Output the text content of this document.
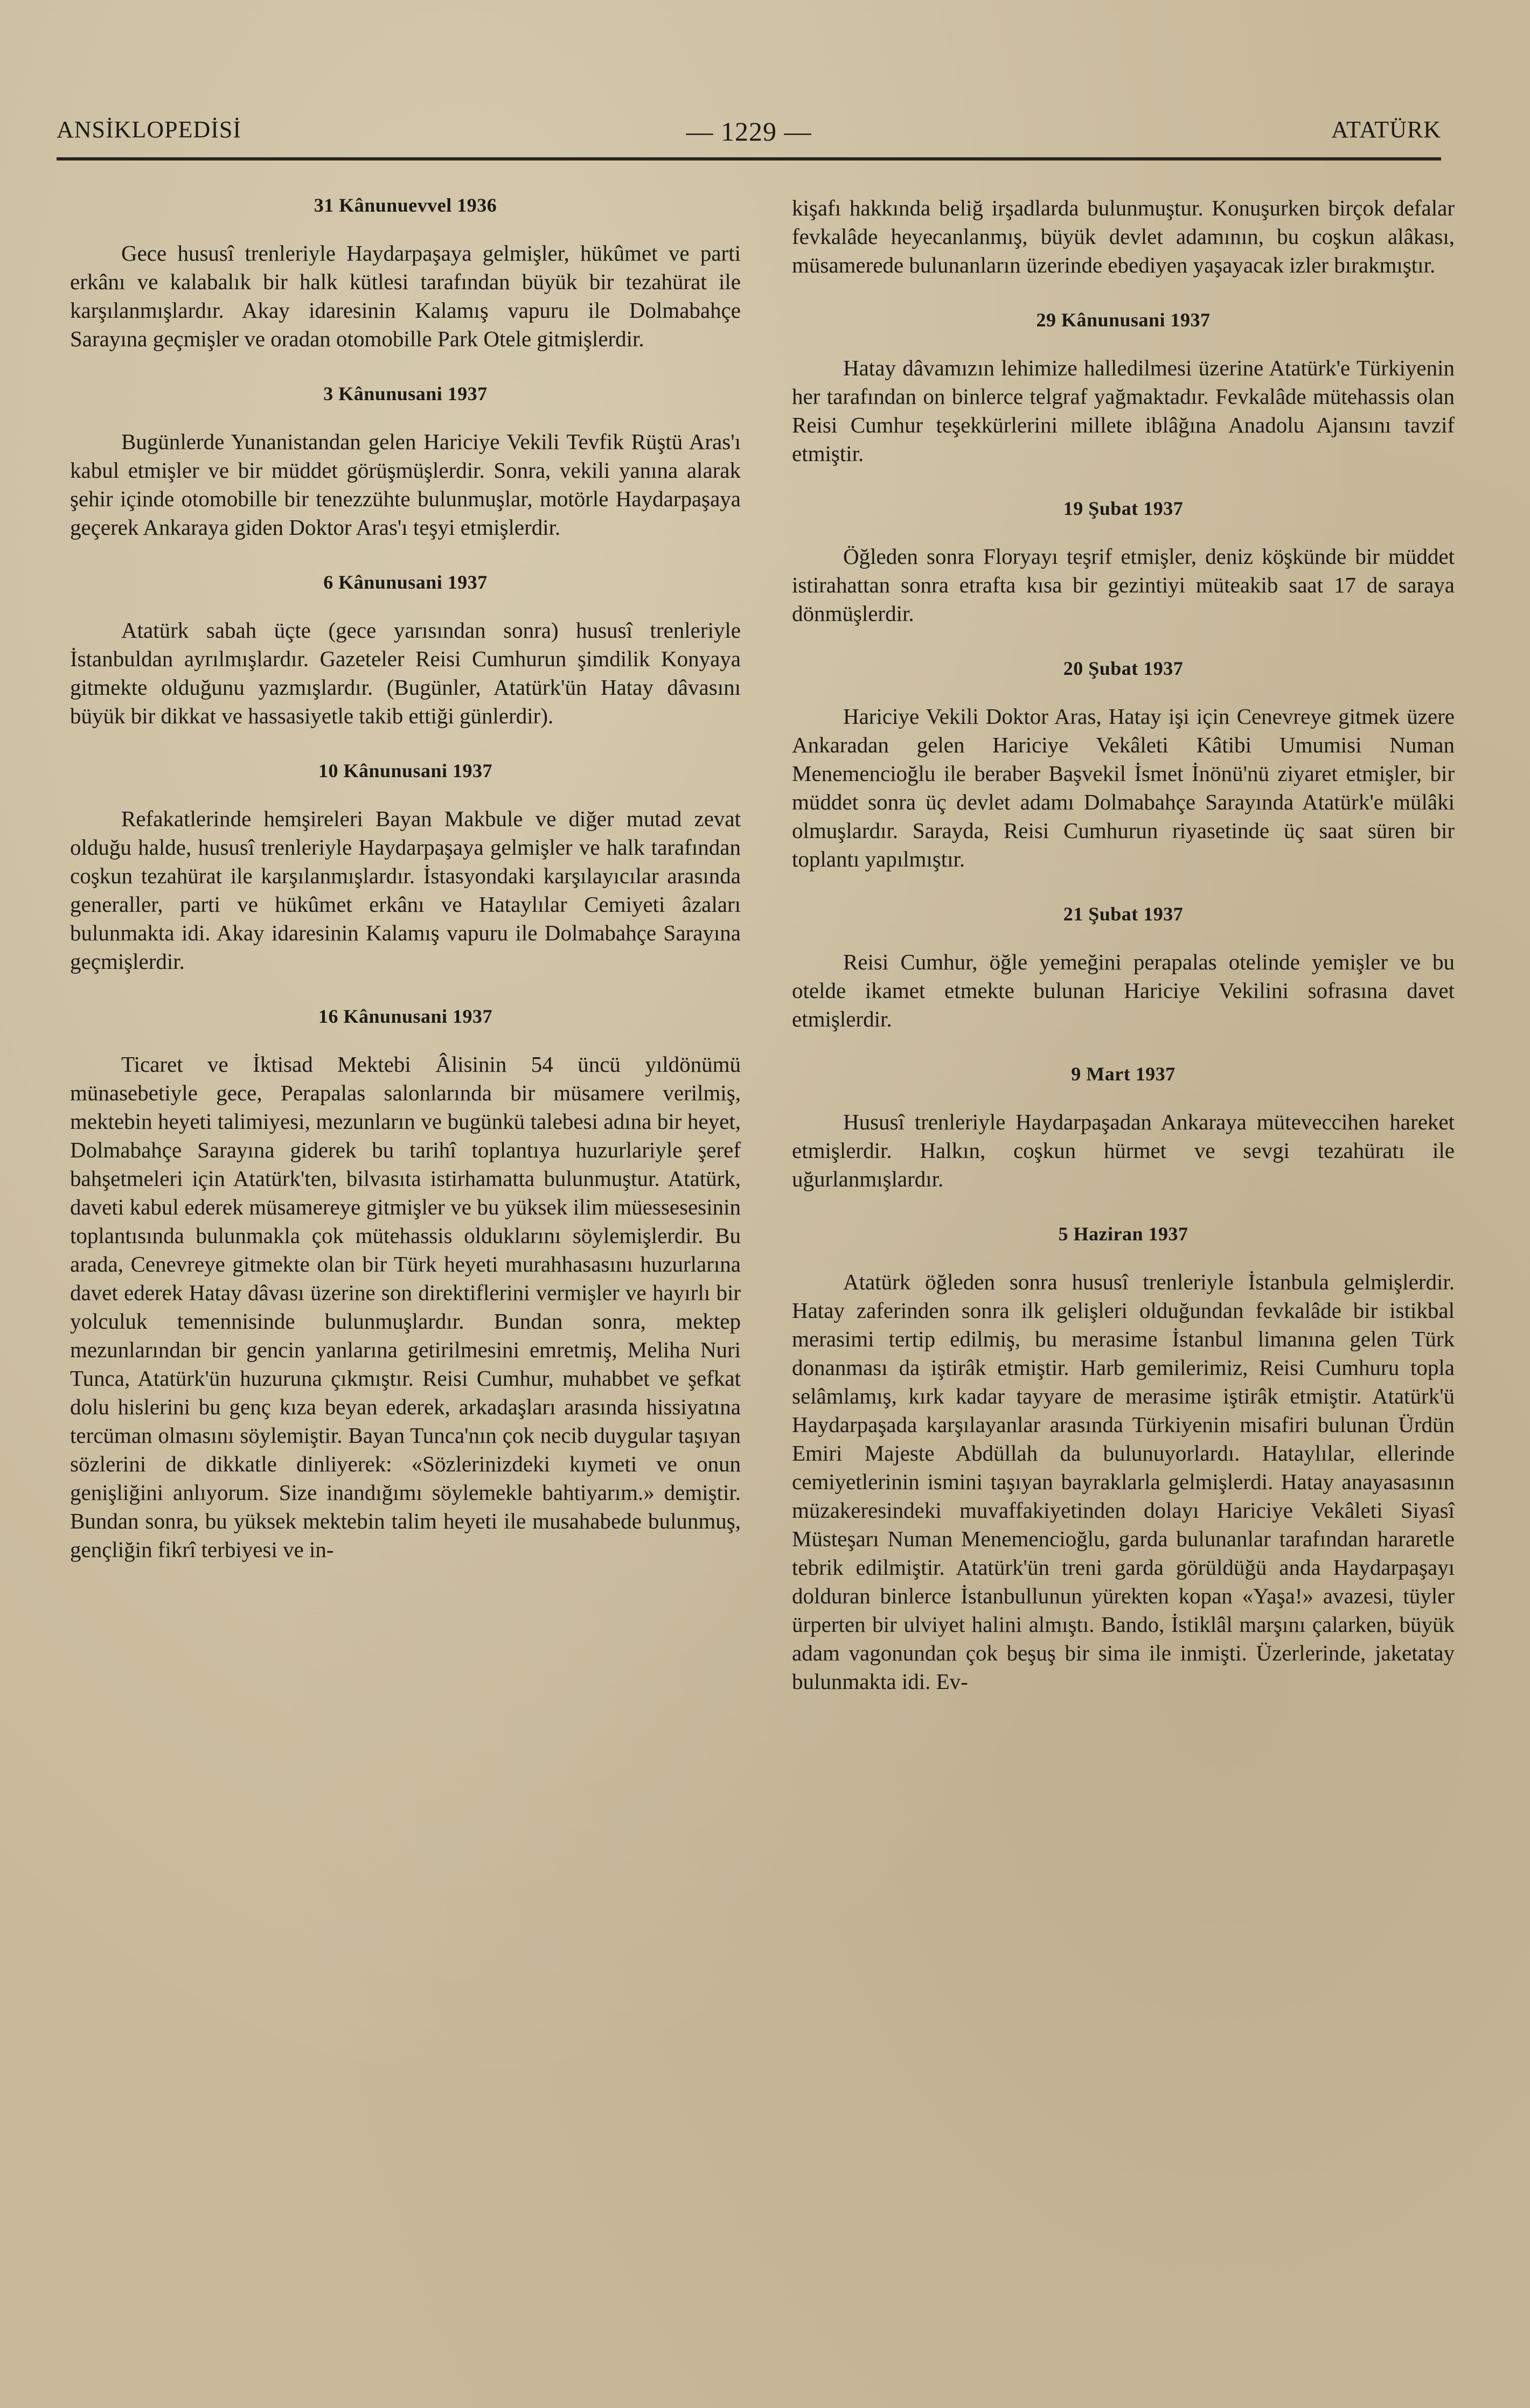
ANSİKLOPEDİSİ	— 1229 —	ATATÜRK
31 Kânunuevvel 1936

Gece hususî trenleriyle Haydarpaşaya gelmişler, hükûmet ve parti erkânı ve kalabalık bir halk kütlesi tarafından büyük bir tezahürat ile karşılanmışlardır. Akay idaresinin Kalamış vapuru ile Dolmabahçe Sarayına geçmişler ve oradan otomobille Park Otele gitmişlerdir.

3 Kânunusani 1937

Bugünlerde Yunanistandan gelen Hariciye Vekili Tevfik Rüştü Aras'ı kabul etmişler ve bir müddet görüşmüşlerdir. Sonra, vekili yanına alarak şehir içinde otomobille bir tenezzühte bulunmuşlar, motörle Haydarpaşaya geçerek Ankaraya giden Doktor Aras'ı teşyi etmişlerdir.

6 Kânunusani 1937

Atatürk sabah üçte (gece yarısından sonra) hususî trenleriyle İstanbuldan ayrılmışlardır. Gazeteler Reisi Cumhurun şimdilik Konyaya gitmekte olduğunu yazmışlardır. (Bugünler, Atatürk'ün Hatay dâvasını büyük bir dikkat ve hassasiyetle takib ettiği günlerdir).

10 Kânunusani 1937

Refakatlerinde hemşireleri Bayan Makbule ve diğer mutad zevat olduğu halde, hususî trenleriyle Haydarpaşaya gelmişler ve halk tarafından coşkun tezahürat ile karşılanmışlardır. İstasyondaki karşılayıcılar arasında generaller, parti ve hükûmet erkânı ve Hataylılar Cemiyeti âzaları bulunmakta idi. Akay idaresinin Kalamış vapuru ile Dolmabahçe Sarayına geçmişlerdir.

16 Kânunusani 1937

Ticaret ve İktisad Mektebi Âlisinin 54 üncü yıldönümü münasebetiyle gece, Perapalas salonlarında bir müsamere verilmiş, mektebin heyeti talimiyesi, mezunların ve bugünkü talebesi adına bir heyet, Dolmabahçe Sarayına giderek bu tarihî toplantıya huzurlariyle şeref bahşetmeleri için Atatürk'ten, bilvasıta istirhamatta bulunmuştur. Atatürk, daveti kabul ederek müsamereye gitmişler ve bu yüksek ilim müessesesinin toplantısında bulunmakla çok mütehassis olduklarını söylemişlerdir. Bu arada, Cenevreye gitmekte olan bir Türk heyeti murahhasasını huzurlarına davet ederek Hatay dâvası üzerine son direktiflerini vermişler ve hayırlı bir yolculuk temennisinde bulunmuşlardır. Bundan sonra, mektep mezunlarından bir gencin yanlarına getirilmesini emretmiş, Meliha Nuri Tunca, Atatürk'ün huzuruna çıkmıştır. Reisi Cumhur, muhabbet ve şefkat dolu hislerini bu genç kıza beyan ederek, arkadaşları arasında hissiyatına tercüman olmasını söylemiştir. Bayan Tunca'nın çok necib duygular taşıyan sözlerini de dikkatle dinliyerek: «Sözlerinizdeki kıymeti ve onun genişliğini anlıyorum. Size inandığımı söylemekle bahtiyarım.» demiştir. Bundan sonra, bu yüksek mektebin talim heyeti ile musahabede bulunmuş, gençliğin fikrî terbiyesi ve in-

kişafı hakkında beliğ irşadlarda bulunmuştur. Konuşurken birçok defalar fevkalâde heyecanlanmış, büyük devlet adamının, bu coşkun alâkası, müsamerede bulunanların üzerinde ebediyen yaşayacak izler bırakmıştır.

29 Kânunusani 1937

Hatay dâvamızın lehimize halledilmesi üzerine Atatürk'e Türkiyenin her tarafından on binlerce telgraf yağmaktadır. Fevkalâde mütehassis olan Reisi Cumhur teşekkürlerini millete iblâğına Anadolu Ajansını tavzif etmiştir.

19 Şubat 1937

Öğleden sonra Floryayı teşrif etmişler, deniz köşkünde bir müddet istirahattan sonra etrafta kısa bir gezintiyi müteakib saat 17 de saraya dönmüşlerdir.

20 Şubat 1937

Hariciye Vekili Doktor Aras, Hatay işi için Cenevreye gitmek üzere Ankaradan gelen Hariciye Vekâleti Kâtibi Umumisi Numan Menemencioğlu ile beraber Başvekil İsmet İnönü'nü ziyaret etmişler, bir müddet sonra üç devlet adamı Dolmabahçe Sarayında Atatürk'e mülâki olmuşlardır. Sarayda, Reisi Cumhurun riyasetinde üç saat süren bir toplantı yapılmıştır.

21 Şubat 1937

Reisi Cumhur, öğle yemeğini perapalas otelinde yemişler ve bu otelde ikamet etmekte bulunan Hariciye Vekilini sofrasına davet etmişlerdir.

9 Mart 1937

Hususî trenleriyle Haydarpaşadan Ankaraya müteveccihen hareket etmişlerdir. Halkın, coşkun hürmet ve sevgi tezahüratı ile uğurlanmışlardır.

5 Haziran 1937

Atatürk öğleden sonra hususî trenleriyle İstanbula gelmişlerdir. Hatay zaferinden sonra ilk gelişleri olduğundan fevkalâde bir istikbal merasimi tertip edilmiş, bu merasime İstanbul limanına gelen Türk donanması da iştirâk etmiştir. Harb gemilerimiz, Reisi Cumhuru topla selâmlamış, kırk kadar tayyare de merasime iştirâk etmiştir. Atatürk'ü Haydarpaşada karşılayanlar arasında Türkiyenin misafiri bulunan Ürdün Emiri Majeste Abdüllah da bulunuyorlardı. Hataylılar, ellerinde cemiyetlerinin ismini taşıyan bayraklarla gelmişlerdi. Hatay anayasasının müzakeresindeki muvaffakiyetinden dolayı Hariciye Vekâleti Siyasî Müsteşarı Numan Menemencioğlu, garda bulunanlar tarafından hararetle tebrik edilmiştir. Atatürk'ün treni garda görüldüğü anda Haydarpaşayı dolduran binlerce İstanbullunun yürekten kopan «Yaşa!» avazesi, tüyler ürperten bir ulviyet halini almıştı. Bando, İstiklâl marşını çalarken, büyük adam vagonundan çok beşuş bir sima ile inmişti. Üzerlerinde, jaketatay bulunmakta idi. Ev-
